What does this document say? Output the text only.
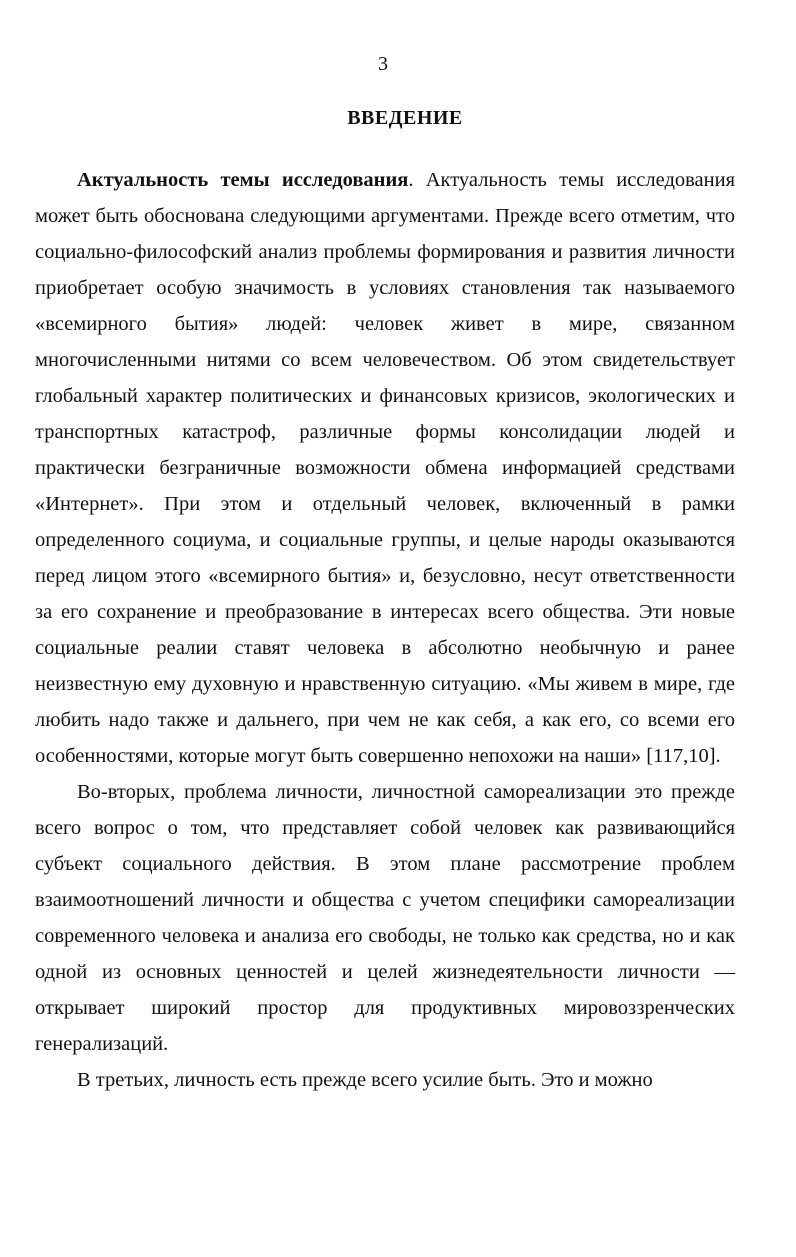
3
ВВЕДЕНИЕ

Актуальность темы исследования. Актуальность темы исследования может быть обоснована следующими аргументами. Прежде всего отметим, что социально-философский анализ проблемы формирования и развития личности приобретает особую значимость в условиях становления так называемого «всемирного бытия» людей: человек живет в мире, связанном многочисленными нитями со всем человечеством. Об этом свидетельствует глобальный характер политических и финансовых кризисов, экологических и транспортных катастроф, различные формы консолидации людей и практически безграничные возможности обмена информацией средствами «Интернет». При этом и отдельный человек, включенный в рамки определенного социума, и социальные группы, и целые народы оказываются перед лицом этого «всемирного бытия» и, безусловно, несут ответственности за его сохранение и преобразование в интересах всего общества. Эти новые социальные реалии ставят человека в абсолютно необычную и ранее неизвестную ему духовную и нравственную ситуацию. «Мы живем в мире, где любить надо также и дальнего, при чем не как себя, а как его, со всеми его особенностями, которые могут быть совершенно непохожи на наши» [117,10].

Во-вторых, проблема личности, личностной самореализации это прежде всего вопрос о том, что представляет собой человек как развивающийся субъект социального действия. В этом плане рассмотрение проблем взаимоотношений личности и общества с учетом специфики самореализации современного человека и анализа его свободы, не только как средства, но и как одной из основных ценностей и целей жизнедеятельности личности — открывает широкий простор для продуктивных мировоззренческих генерализаций.

В третьих, личность есть прежде всего усилие быть. Это и можно
